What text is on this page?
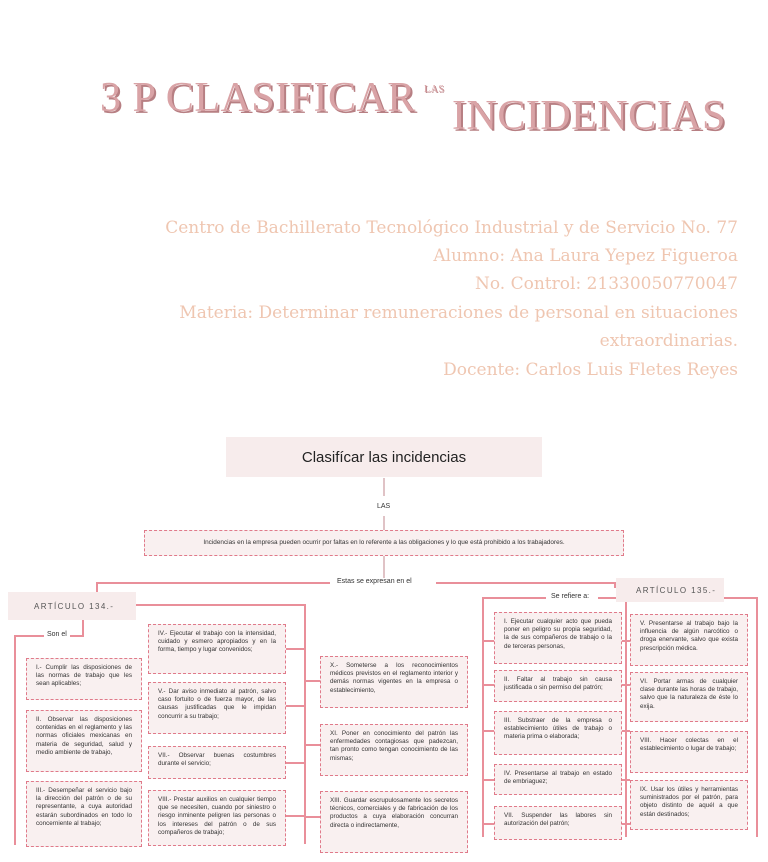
3 P CLASIFICAR LAS
INCIDENCIAS
Centro de Bachillerato Tecnológico Industrial y de Servicio No. 77
Alumno: Ana Laura Yepez Figueroa
No. Control: 21330050770047
Materia: Determinar remuneraciones de personal en situaciones
extraordinarias.
Docente: Carlos Luis Fletes Reyes
Clasifícar las incidencias
LAS
Incidencias en la empresa pueden ocurrir por faltas en lo referente a las obligaciones y lo que está prohibido a los trabajadores.
Estas se expresan en el
ARTÍCULO 134.-
ARTÍCULO 135.-
Son el
Se refiere a:
I.- Cumplir las disposiciones de las normas de trabajo que les sean aplicables;
II. Observar las disposiciones contenidas en el reglamento y las normas oficiales mexicanas en materia de seguridad, salud y medio ambiente de trabajo,
III.- Desempeñar el servicio bajo la dirección del patrón o de su representante, a cuya autoridad estarán subordinados en todo lo concerniente al trabajo;
IV.- Ejecutar el trabajo con la intensidad, cuidado y esmero apropiados y en la forma, tiempo y lugar convenidos;
V.- Dar aviso inmediato al patrón, salvo caso fortuito o de fuerza mayor, de las causas justificadas que le impidan concurrir a su trabajo;
VII.- Observar buenas costumbres durante el servicio;
VIII.- Prestar auxilios en cualquier tiempo que se necesiten, cuando por siniestro o riesgo inminente peligren las personas o los intereses del patrón o de sus compañeros de trabajo;
X.- Someterse a los reconocimientos médicos previstos en el reglamento interior y demás normas vigentes en la empresa o establecimiento,
XI. Poner en conocimiento del patrón las enfermedades contagiosas que padezcan, tan pronto como tengan conocimiento de las mismas;
XIII. Guardar escrupulosamente los secretos técnicos, comerciales y de fabricación de los productos a cuya elaboración concurran directa o indirectamente,
I. Ejecutar cualquier acto que pueda poner en peligro su propia seguridad, la de sus compañeros de trabajo o la de terceras personas,
II. Faltar al trabajo sin causa justificada o sin permiso del patrón;
III. Substraer de la empresa o establecimiento útiles de trabajo o materia prima o elaborada;
IV. Presentarse al trabajo en estado de embriaguez;
VII. Suspender las labores sin autorización del patrón;
V. Presentarse al trabajo bajo la influencia de algún narcótico o droga enervante, salvo que exista prescripción médica.
VI. Portar armas de cualquier clase durante las horas de trabajo, salvo que la naturaleza de éste lo exija.
VIII. Hacer colectas en el establecimiento o lugar de trabajo;
IX. Usar los útiles y herramientas suministrados por el patrón, para objeto distinto de aquél a que están destinados;
